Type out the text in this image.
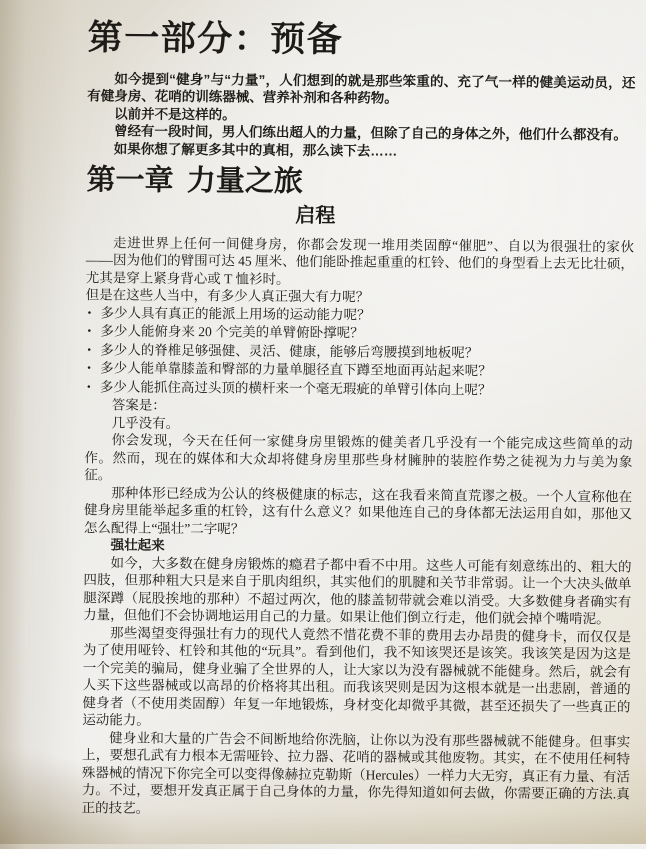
第一部分：预备

如今提到“健身”与“力量”，人们想到的就是那些笨重的、充了气一样的健美运动员，还有健身房、花哨的训练器械、营养补剂和各种药物。

以前并不是这样的。

曾经有一段时间，男人们练出超人的力量，但除了自己的身体之外，他们什么都没有。

如果你想了解更多其中的真相，那么读下去……

第一章 力量之旅
启程

走进世界上任何一间健身房，你都会发现一堆用类固醇“催肥”、自以为很强壮的家伙——因为他们的臂围可达 45 厘米、他们能卧推起重重的杠铃、他们的身型看上去无比壮硕，尤其是穿上紧身背心或 T 恤衫时。

但是在这些人当中，有多少人真正强大有力呢？

• 多少人具有真正的能派上用场的运动能力呢？
• 多少人能俯身来 20 个完美的单臂俯卧撑呢？
• 多少人的脊椎足够强健、灵活、健康，能够后弯腰摸到地板呢？
• 多少人能单靠膝盖和臀部的力量单腿径直下蹲至地面再站起来呢？
• 多少人能抓住高过头顶的横杆来一个毫无瑕疵的单臂引体向上呢？

答案是：

几乎没有。

你会发现，今天在任何一家健身房里锻炼的健美者几乎没有一个能完成这些简单的动作。然而，现在的媒体和大众却将健身房里那些身材臃肿的装腔作势之徒视为力与美为象征。

那种体形已经成为公认的终极健康的标志，这在我看来简直荒谬之极。一个人宣称他在健身房里能举起多重的杠铃，这有什么意义？如果他连自己的身体都无法运用自如，那他又怎么配得上“强壮”二字呢？

强壮起来

如今，大多数在健身房锻炼的瘾君子都中看不中用。这些人可能有刻意练出的、粗大的四肢，但那种粗大只是来自于肌肉组织，其实他们的肌腱和关节非常弱。让一个大决头做单腿深蹲（屁股挨地的那种）不超过两次，他的膝盖韧带就会难以消受。大多数健身者确实有力量，但他们不会协调地运用自己的力量。如果让他们倒立行走，他们就会掉个嘴啃泥。

那些渴望变得强壮有力的现代人竟然不惜花费不菲的费用去办昂贵的健身卡，而仅仅是为了使用哑铃、杠铃和其他的“玩具”。看到他们，我不知该哭还是该笑。我该笑是因为这是一个完美的骗局，健身业骗了全世界的人，让大家以为没有器械就不能健身。然后，就会有人买下这些器械或以高昂的价格将其出租。而我该哭则是因为这根本就是一出悲剧，普通的健身者（不使用类固醇）年复一年地锻炼，身材变化却微乎其微，甚至还损失了一些真正的运动能力。

健身业和大量的广告会不间断地给你洗脑，让你以为没有那些器械就不能健身。但事实上，要想孔武有力根本无需哑铃、拉力器、花哨的器械或其他废物。其实，在不使用任柯特殊器械的情况下你完全可以变得像赫拉克勒斯（Hercules）一样力大无穷，真正有力量、有活力。不过，要想开发真正属于自己身体的力量，你先得知道如何去做，你需要正确的方法.真正的技艺。
